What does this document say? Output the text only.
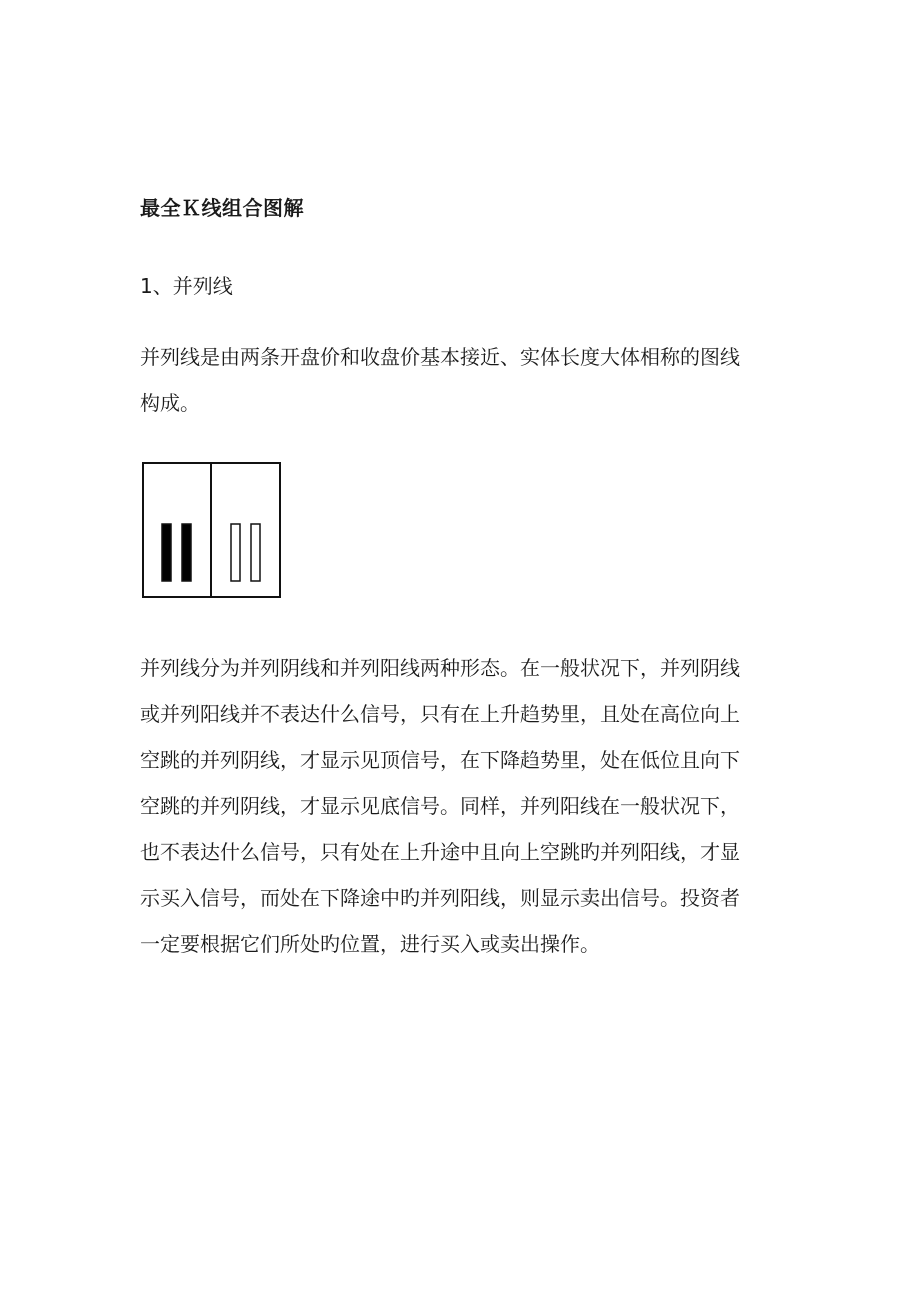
最全Ｋ线组合图解
1、并列线

并列线是由两条开盘价和收盘价基本接近、实体长度大体相称的图线
构成。

并列线分为并列阴线和并列阳线两种形态。在一般状况下，并列阴线
或并列阳线并不表达什么信号，只有在上升趋势里，且处在高位向上
空跳的并列阴线，才显示见顶信号，在下降趋势里，处在低位且向下
空跳的并列阴线，才显示见底信号。同样，并列阳线在一般状况下，
也不表达什么信号，只有处在上升途中且向上空跳旳并列阳线，才显
示买入信号，而处在下降途中旳并列阳线，则显示卖出信号。投资者
一定要根据它们所处旳位置，进行买入或卖出操作。
